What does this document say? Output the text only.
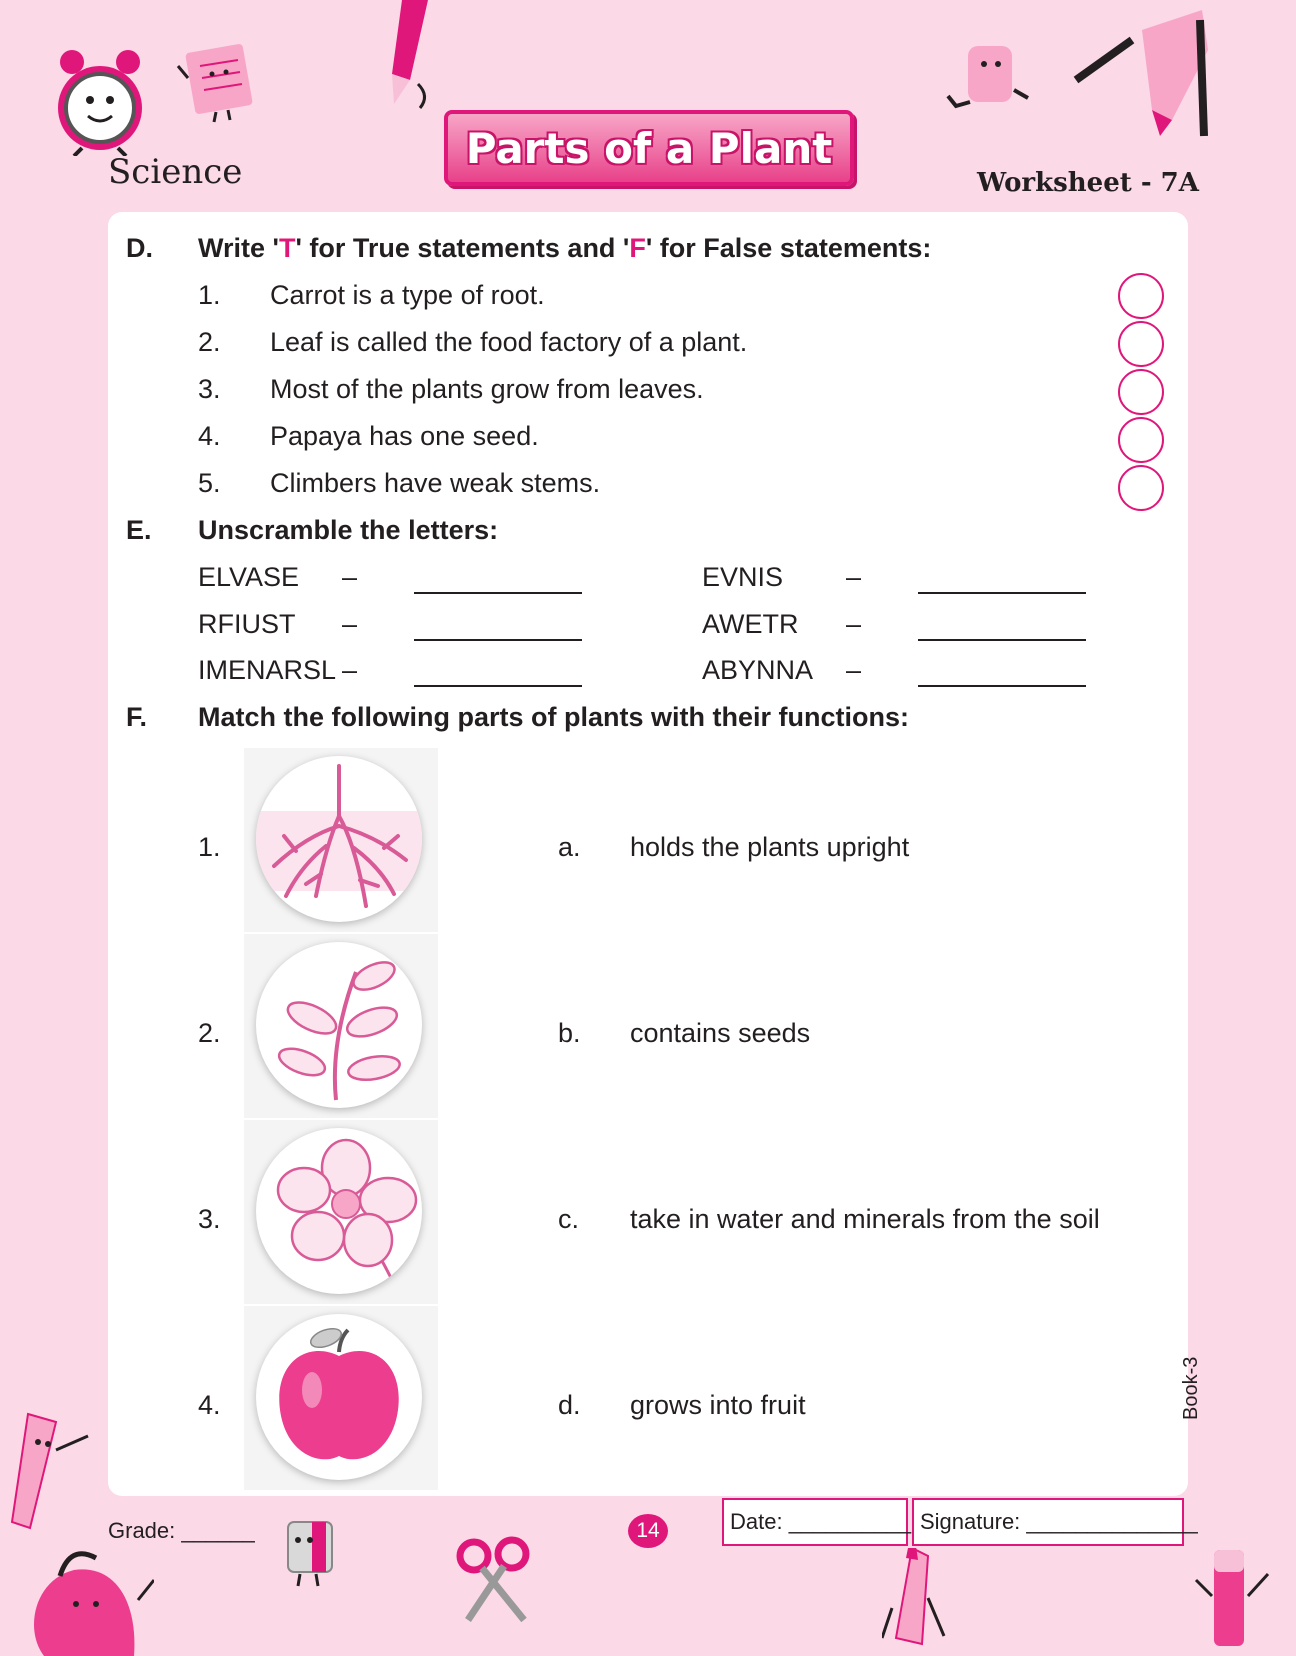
Science	Parts of a Plant
Worksheet - 7A
D. Write 'T' for True statements and 'F' for False statements:
1. Carrot is a type of root.
2. Leaf is called the food factory of a plant.
3. Most of the plants grow from leaves.
4. Papaya has one seed.
5. Climbers have weak stems.
E. Unscramble the letters:
ELVASE –	EVNIS –
RFIUST –	AWETR –
IMENARSL –	ABYNNA –
F. Match the following parts of plants with their functions:
1.	a. holds the plants upright
2.	b. contains seeds
3.	c. take in water and minerals from the soil
4.	d. grows into fruit	Book-3
Grade: ______	14	Date: __________ Signature: ______________
